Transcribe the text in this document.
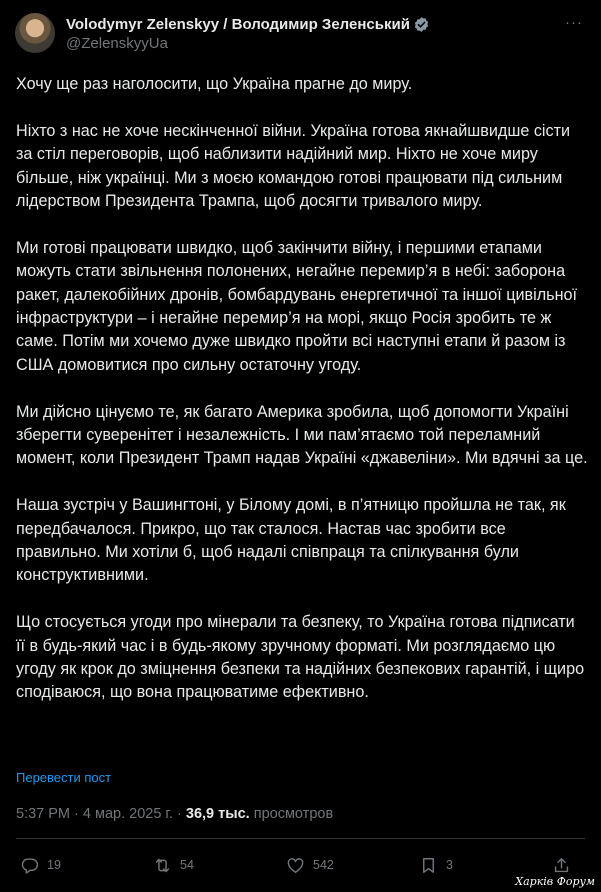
Volodymyr Zelenskyy / Володимир Зеленський
@ZelenskyyUa
···

Хочу ще раз наголосити, що Україна прагне до миру.

Ніхто з нас не хоче нескінченної війни. Україна готова якнайшвидше сісти за стіл переговорів, щоб наблизити надійний мир. Ніхто не хоче миру більше, ніж українці. Ми з моєю командою готові працювати під сильним лідерством Президента Трампа, щоб досягти тривалого миру.

Ми готові працювати швидко, щоб закінчити війну, і першими етапами можуть стати звільнення полонених, негайне перемир’я в небі: заборона ракет, далекобійних дронів, бомбардувань енергетичної та іншої цивільної інфраструктури – і негайне перемир’я на морі, якщо Росія зробить те ж саме. Потім ми хочемо дуже швидко пройти всі наступні етапи й разом із США домовитися про сильну остаточну угоду.

Ми дійсно цінуємо те, як багато Америка зробила, щоб допомогти Україні зберегти суверенітет і незалежність. І ми пам’ятаємо той переламний момент, коли Президент Трамп надав Україні «джавеліни». Ми вдячні за це.

Наша зустріч у Вашингтоні, у Білому домі, в п’ятницю пройшла не так, як передбачалося. Прикро, що так сталося. Настав час зробити все правильно. Ми хотіли б, щоб надалі співпраця та спілкування були конструктивними.

Що стосується угоди про мінерали та безпеку, то Україна готова підписати її в будь-який час і в будь-якому зручному форматі. Ми розглядаємо цю угоду як крок до зміцнення безпеки та надійних безпекових гарантій, і щиро сподіваюся, що вона працюватиме ефективно.

Перевести пост
5:37 PM · 4 мар. 2025 г. · 36,9 тыс. просмотров
19	54	542	3
Харків Форум
